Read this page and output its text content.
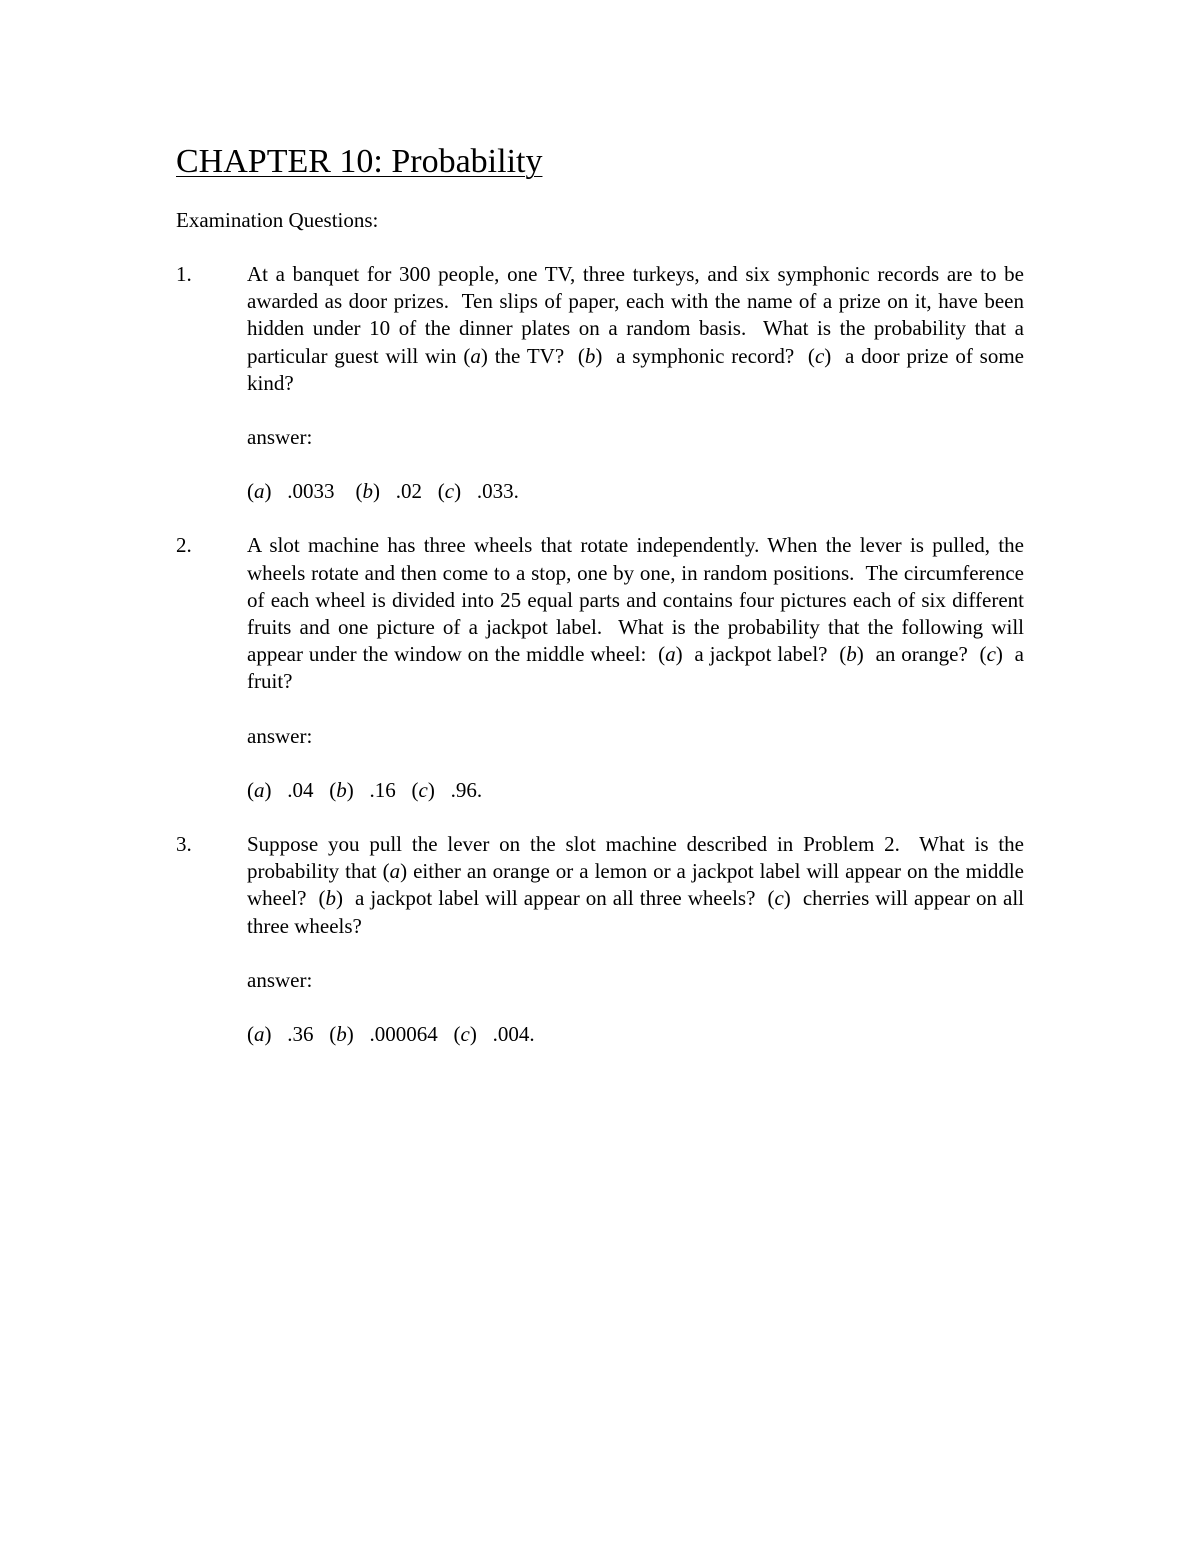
CHAPTER 10: Probability
Examination Questions:
1.	At a banquet for 300 people, one TV, three turkeys, and six symphonic records are to be awarded as door prizes.  Ten slips of paper, each with the name of a prize on it, have been hidden under 10 of the dinner plates on a random basis.  What is the probability that a particular guest will win (a) the TV?  (b)  a symphonic record?  (c)  a door prize of some kind?
answer:
(a)   .0033    (b)   .02   (c)   .033.
2.	A slot machine has three wheels that rotate independently. When the lever is pulled, the wheels rotate and then come to a stop, one by one, in random positions.  The circumference of each wheel is divided into 25 equal parts and contains four pictures each of six different fruits and one picture of a jackpot label.  What is the probability that the following will appear under the window on the middle wheel:  (a)  a jackpot label?  (b)  an orange?  (c)  a fruit?
answer:
(a)   .04   (b)   .16   (c)   .96.
3.	Suppose you pull the lever on the slot machine described in Problem 2.  What is the probability that (a) either an orange or a lemon or a jackpot label will appear on the middle wheel?  (b)  a jackpot label will appear on all three wheels?  (c)  cherries will appear on all three wheels?
answer:
(a)   .36   (b)   .000064   (c)   .004.
